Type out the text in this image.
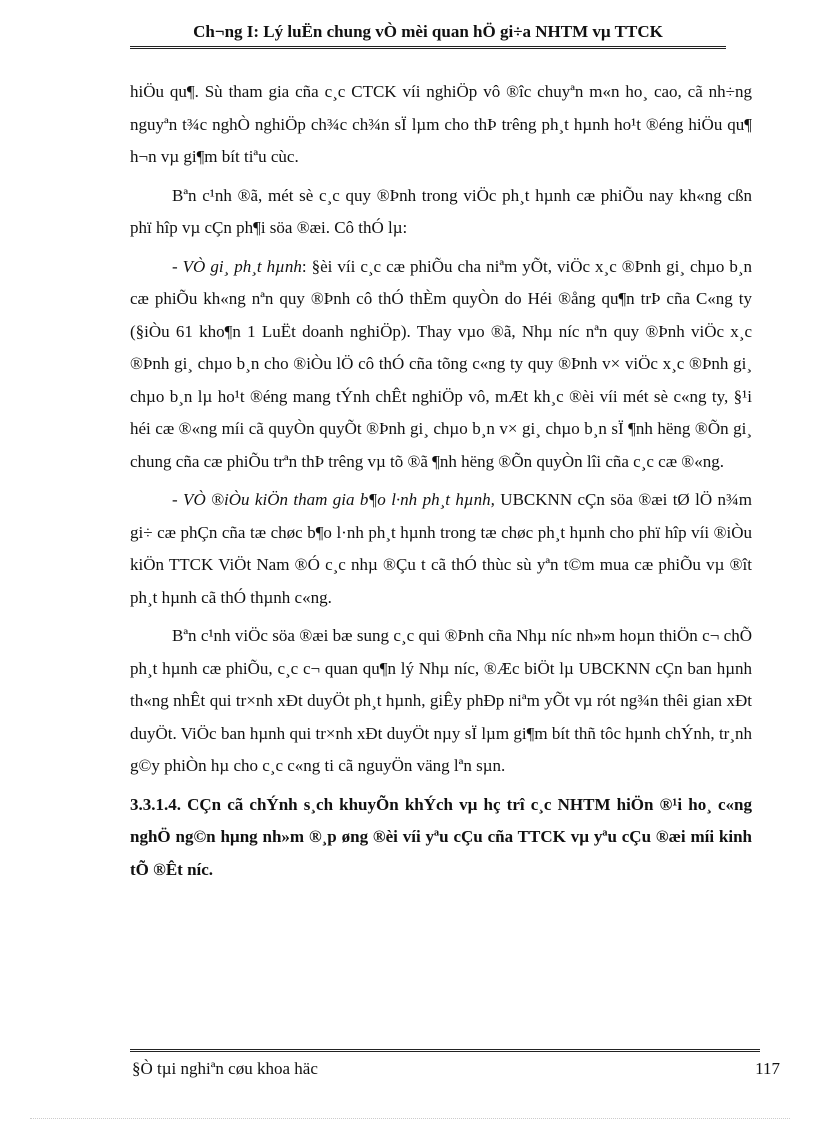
Ch¬ng I: Lý luËn chung vÒ mèi quan hÖ gi÷a NHTM vµ TTCK

hiÖu qu¶. Sù tham gia cña c¸c CTCK víi nghiÖp vô ®îc chuyªn m«n ho¸ cao, cã nh÷ng nguyªn t¾c nghÒ nghiÖp ch¾c ch¾n sÏ lµm cho thÞ trêng ph¸t hµnh ho¹t ®éng hiÖu qu¶ h¬n vµ gi¶m bít tiªu cùc.

Bªn c¹nh ®ã, mét sè c¸c quy ®Þnh trong viÖc ph¸t hµnh cæ phiÕu nay kh«ng cßn phï hîp vµ cÇn ph¶i söa ®æi. Cô thÓ lµ:

- VÒ gi¸ ph¸t hµnh: §èi víi c¸c cæ phiÕu cha niªm yÕt, viÖc x¸c ®Þnh gi¸ chµo b¸n cæ phiÕu kh«ng nªn quy ®Þnh cô thÓ thÈm quyÒn do Héi ®ång qu¶n trÞ cña C«ng ty (§iÒu 61 kho¶n 1 LuËt doanh nghiÖp). Thay vµo ®ã, Nhµ níc nªn quy ®Þnh viÖc x¸c ®Þnh gi¸ chµo b¸n cho ®iÒu lÖ cô thÓ cña tõng c«ng ty quy ®Þnh v× viÖc x¸c ®Þnh gi¸ chµo b¸n lµ ho¹t ®éng mang tÝnh chÊt nghiÖp vô, mÆt kh¸c ®èi víi mét sè c«ng ty, §¹i héi cæ ®«ng míi cã quyÒn quyÕt ®Þnh gi¸ chµo b¸n v× gi¸ chµo b¸n sÏ ¶nh hëng ®Õn gi¸ chung cña cæ phiÕu trªn thÞ trêng vµ tõ ®ã ¶nh hëng ®Õn quyÒn lîi cña c¸c cæ ®«ng.

- VÒ ®iÒu kiÖn tham gia b¶o l·nh ph¸t hµnh, UBCKNN cÇn söa ®æi tØ lÖ n¾m gi÷ cæ phÇn cña tæ chøc b¶o l·nh ph¸t hµnh trong tæ chøc ph¸t hµnh cho phï hîp víi ®iÒu kiÖn TTCK ViÖt Nam ®Ó c¸c nhµ ®Çu t cã thÓ thùc sù yªn t©m mua cæ phiÕu vµ ®ît ph¸t hµnh cã thÓ thµnh c«ng.

Bªn c¹nh viÖc söa ®æi bæ sung c¸c qui ®Þnh cña Nhµ níc nh»m hoµn thiÖn c¬ chÕ ph¸t hµnh cæ phiÕu, c¸c c¬ quan qu¶n lý Nhµ níc, ®Æc biÖt lµ UBCKNN cÇn ban hµnh th«ng nhÊt qui tr×nh xÐt duyÖt ph¸t hµnh, giÊy phÐp niªm yÕt vµ rót ng¾n thêi gian xÐt duyÖt. ViÖc ban hµnh qui tr×nh xÐt duyÖt nµy sÏ lµm gi¶m bít thñ tôc hµnh chÝnh, tr¸nh g©y phiÒn hµ cho c¸c c«ng ti cã nguyÖn väng lªn sµn.

3.3.1.4. CÇn cã chÝnh s¸ch khuyÕn khÝch vµ hç trî c¸c NHTM hiÖn ®¹i ho¸ c«ng nghÖ ng©n hµng nh»m ®¸p øng ®èi víi yªu cÇu cña TTCK vµ yªu cÇu ®æi míi kinh tÕ ®Êt níc.

§Ò tµi nghiªn cøu khoa häc	117
